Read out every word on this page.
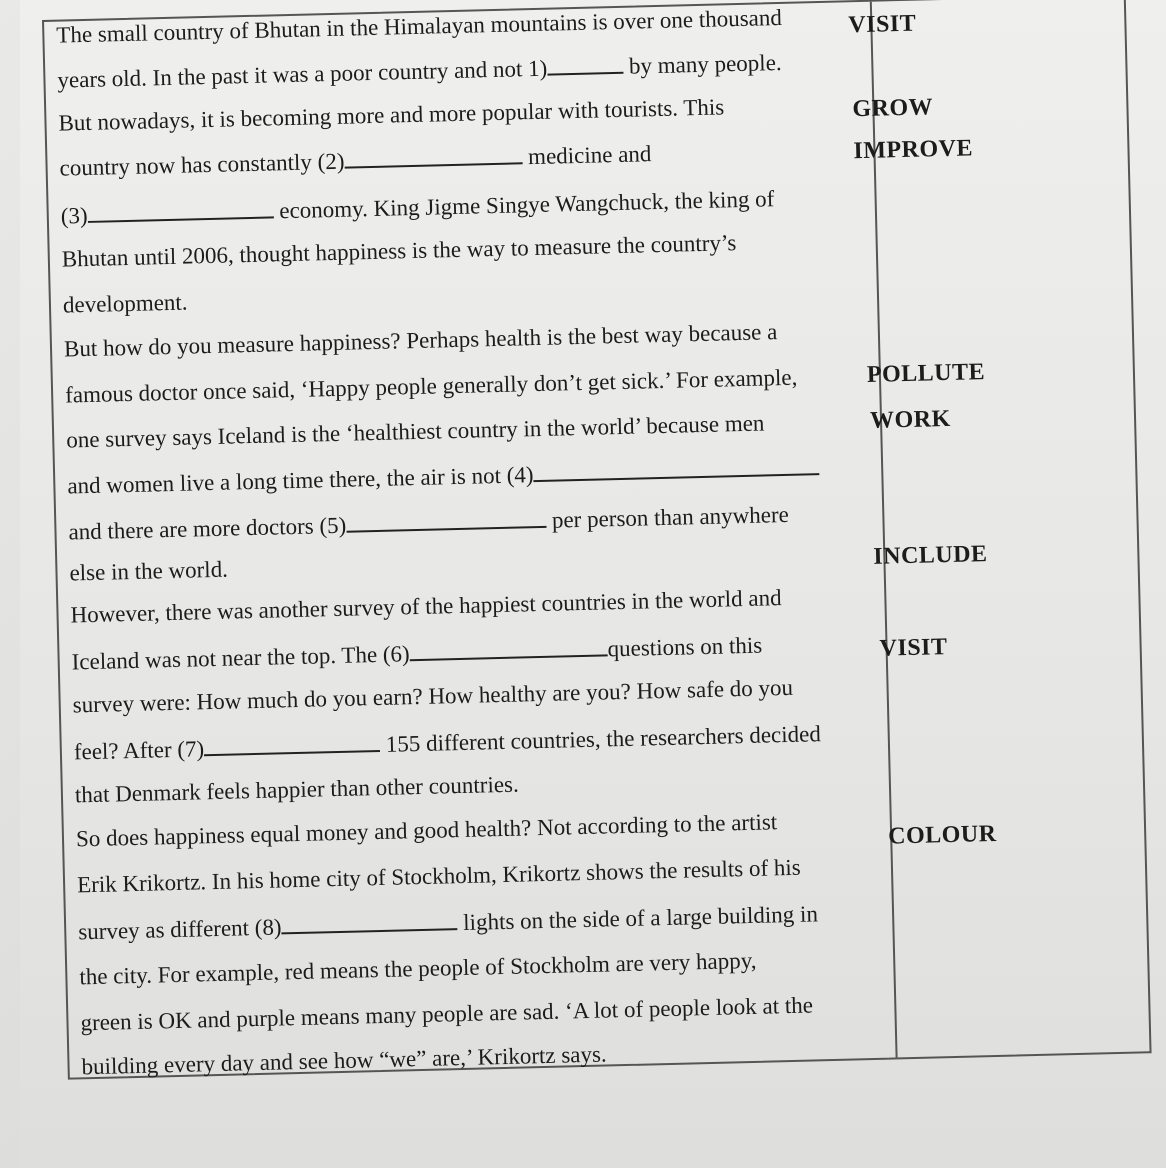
The small country of Bhutan in the Himalayan mountains is over one thousand
years old. In the past it was a poor country and not 1)	by many people.
But nowadays, it is becoming more and more popular with tourists. This
country now has constantly (2)	medicine and
(3)	economy. King Jigme Singye Wangchuck, the king of
Bhutan until 2006, thought happiness is the way to measure the country’s
development.
But how do you measure happiness? Perhaps health is the best way because a
famous doctor once said, ‘Happy people generally don’t get sick.’ For example,
one survey says Iceland is the ‘healthiest country in the world’ because men
and women live a long time there, the air is not (4)
and there are more doctors (5)	per person than anywhere
else in the world.
However, there was another survey of the happiest countries in the world and
Iceland was not near the top. The (6)	questions on this
survey were: How much do you earn? How healthy are you? How safe do you
feel? After (7)	155 different countries, the researchers decided
that Denmark feels happier than other countries.
So does happiness equal money and good health? Not according to the artist
Erik Krikortz. In his home city of Stockholm, Krikortz shows the results of his
survey as different (8)	lights on the side of a large building in
the city. For example, red means the people of Stockholm are very happy,
green is OK and purple means many people are sad. ‘A lot of people look at the
building every day and see how “we” are,’ Krikortz says.
VISIT
GROW
IMPROVE
POLLUTE
WORK
INCLUDE
VISIT
COLOUR
